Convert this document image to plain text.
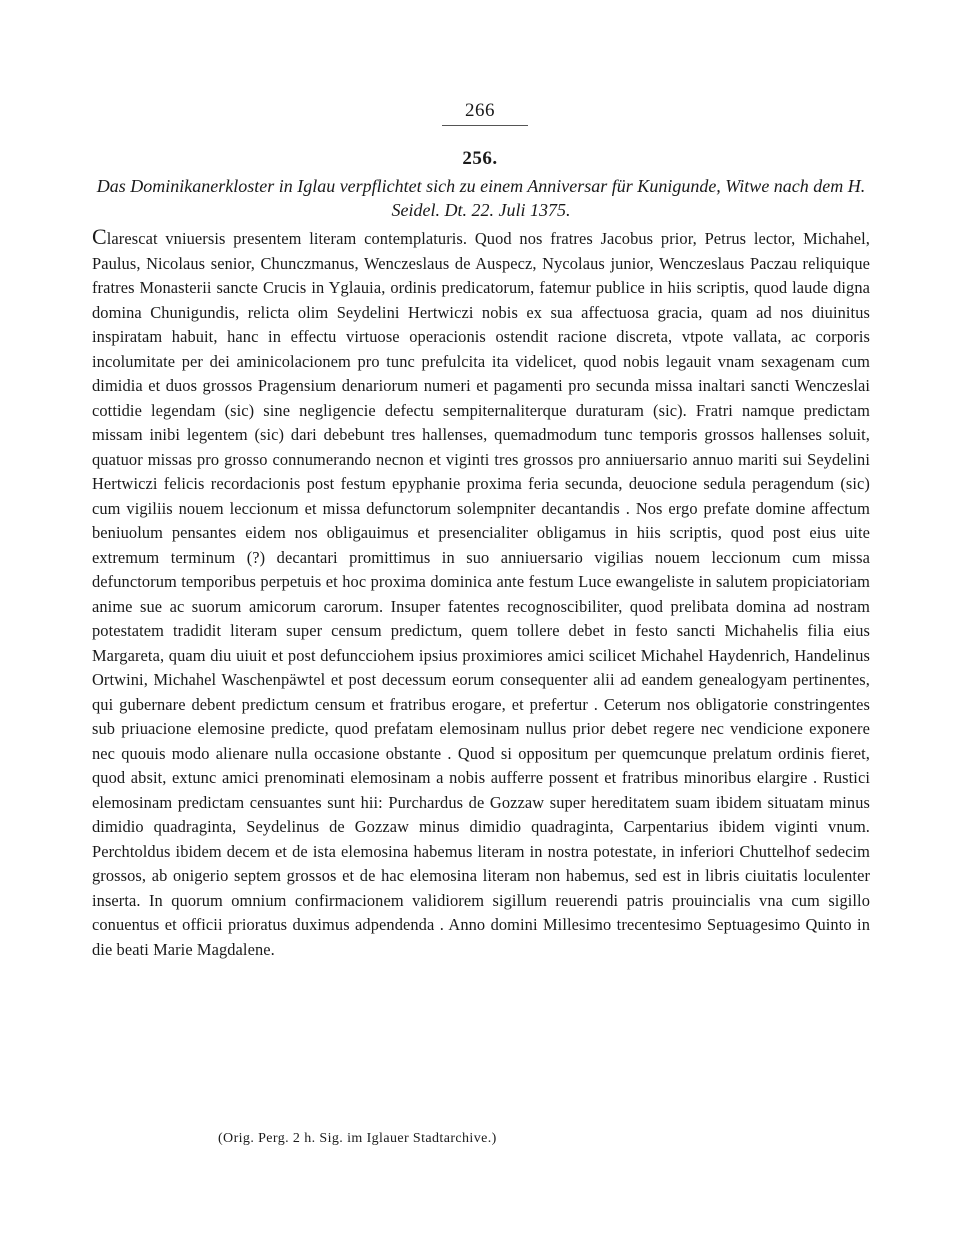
266
256.
Das Dominikanerkloster in Iglau verpflichtet sich zu einem Anniversar für Kunigunde, Witwe nach dem H. Seidel. Dt. 22. Juli 1375.
Clarescat vniuersis presentem literam contemplaturis. Quod nos fratres Jacobus prior, Petrus lector, Michahel, Paulus, Nicolaus senior, Chunczmanus, Wenczeslaus de Auspecz, Nycolaus junior, Wenczeslaus Paczau reliquique fratres Monasterii sancte Crucis in Yglauia, ordinis predicatorum, fatemur publice in hiis scriptis, quod laude digna domina Chunigundis, relicta olim Seydelini Hertwiczi nobis ex sua affectuosa gracia, quam ad nos diuinitus inspiratam habuit, hanc in effectu virtuose operacionis ostendit racione discreta, vtpote vallata, ac corporis incolumitate per dei aminicolacionem pro tunc prefulcita ita videlicet, quod nobis legauit vnam sexagenam cum dimidia et duos grossos Pragensium denariorum numeri et pagamenti pro secunda missa inaltari sancti Wenczeslai cottidie legendam (sic) sine negligencie defectu sempiternaliterque duraturam (sic). Fratri namque predictam missam inibi legentem (sic) dari debebunt tres hallenses, quemadmodum tunc temporis grossos hallenses soluit, quatuor missas pro grosso connumerando necnon et viginti tres grossos pro anniuersario annuo mariti sui Seydelini Hertwiczi felicis recordacionis post festum epyphanie proxima feria secunda, deuocione sedula peragendum (sic) cum vigiliis nouem leccionum et missa defunctorum solempniter decantandis . Nos ergo prefate domine affectum beniuolum pensantes eidem nos obligauimus et presencialiter obligamus in hiis scriptis, quod post eius uite extremum terminum (?) decantari promittimus in suo anniuersario vigilias nouem leccionum cum missa defunctorum temporibus perpetuis et hoc proxima dominica ante festum Luce ewangeliste in salutem propiciatoriam anime sue ac suorum amicorum carorum. Insuper fatentes recognoscibiliter, quod prelibata domina ad nostram potestatem tradidit literam super censum predictum, quem tollere debet in festo sancti Michahelis filia eius Margareta, quam diu uiuit et post defuncciohem ipsius proximiores amici scilicet Michahel Haydenrich, Handelinus Ortwini, Michahel Waschenpäwtel et post decessum eorum consequenter alii ad eandem genealogyam pertinentes, qui gubernare debent predictum censum et fratribus erogare, et prefertur . Ceterum nos obligatorie constringentes sub priuacione elemosine predicte, quod prefatam elemosinam nullus prior debet regere nec vendicione exponere nec quouis modo alienare nulla occasione obstante . Quod si oppositum per quemcunque prelatum ordinis fieret, quod absit, extunc amici prenominati elemosinam a nobis aufferre possent et fratribus minoribus elargire . Rustici elemosinam predictam censuantes sunt hii: Purchardus de Gozzaw super hereditatem suam ibidem situatam minus dimidio quadraginta, Seydelinus de Gozzaw minus dimidio quadraginta, Carpentarius ibidem viginti vnum. Perchtoldus ibidem decem et de ista elemosina habemus literam in nostra potestate, in inferiori Chuttelhof sedecim grossos, ab onigerio septem grossos et de hac elemosina literam non habemus, sed est in libris ciuitatis loculenter inserta. In quorum omnium confirmacionem validiorem sigillum reuerendi patris prouincialis vna cum sigillo conuentus et officii prioratus duximus adpendenda . Anno domini Millesimo trecentesimo Septuagesimo Quinto in die beati Marie Magdalene.
(Orig. Perg. 2 h. Sig. im Iglauer Stadtarchive.)
